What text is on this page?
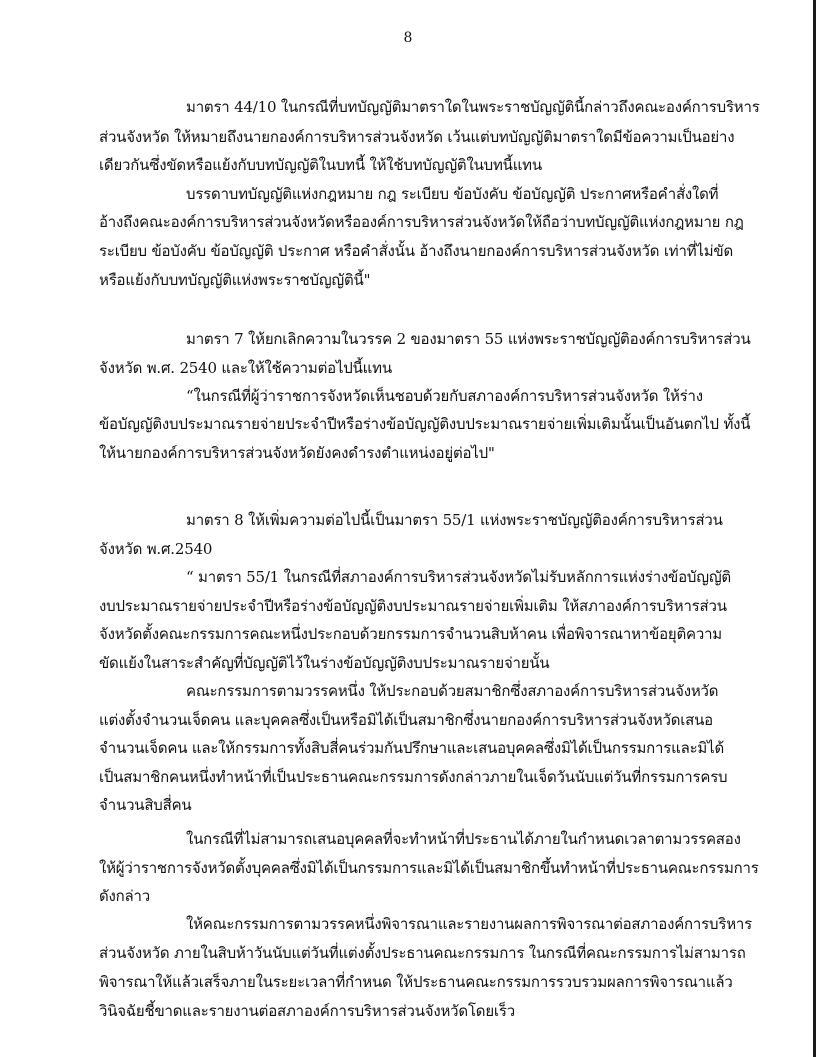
8
มาตรา 44/10 ในกรณีที่บทบัญญัติมาตราใดในพระราชบัญญัตินี้กล่าวถึงคณะองค์การบริหาร
ส่วนจังหวัด ให้หมายถึงนายกองค์การบริหารส่วนจังหวัด เว้นแต่บทบัญญัติมาตราใดมีข้อความเป็นอย่าง
เดียวกันซึ่งขัดหรือแย้งกับบทบัญญัติในบทนี้ ให้ใช้บทบัญญัติในบทนี้แทน
บรรดาบทบัญญัติแห่งกฎหมาย กฎ ระเบียบ ข้อบังคับ ข้อบัญญัติ ประกาศหรือคำสั่งใดที่
อ้างถึงคณะองค์การบริหารส่วนจังหวัดหรือองค์การบริหารส่วนจังหวัดให้ถือว่าบทบัญญัติแห่งกฎหมาย กฎ
ระเบียบ ข้อบังคับ ข้อบัญญัติ ประกาศ หรือคำสั่งนั้น อ้างถึงนายกองค์การบริหารส่วนจังหวัด เท่าที่ไม่ขัด
หรือแย้งกับบทบัญญัติแห่งพระราชบัญญัตินี้"
มาตรา 7 ให้ยกเลิกความในวรรค 2 ของมาตรา 55 แห่งพระราชบัญญัติองค์การบริหารส่วน
จังหวัด พ.ศ. 2540 และให้ใช้ความต่อไปนี้แทน
“ในกรณีที่ผู้ว่าราชการจังหวัดเห็นชอบด้วยกับสภาองค์การบริหารส่วนจังหวัด ให้ร่าง
ข้อบัญญัติงบประมาณรายจ่ายประจำปีหรือร่างข้อบัญญัติงบประมาณรายจ่ายเพิ่มเติมนั้นเป็นอันตกไป ทั้งนี้
ให้นายกองค์การบริหารส่วนจังหวัดยังคงดำรงตำแหน่งอยู่ต่อไป"
มาตรา 8 ให้เพิ่มความต่อไปนี้เป็นมาตรา 55/1 แห่งพระราชบัญญัติองค์การบริหารส่วน
จังหวัด พ.ศ.2540
“ มาตรา 55/1 ในกรณีที่สภาองค์การบริหารส่วนจังหวัดไม่รับหลักการแห่งร่างข้อบัญญัติ
งบประมาณรายจ่ายประจำปีหรือร่างข้อบัญญัติงบประมาณรายจ่ายเพิ่มเติม ให้สภาองค์การบริหารส่วน
จังหวัดตั้งคณะกรรมการคณะหนึ่งประกอบด้วยกรรมการจำนวนสิบห้าคน เพื่อพิจารณาหาข้อยุติความ
ขัดแย้งในสาระสำคัญที่บัญญัติไว้ในร่างข้อบัญญัติงบประมาณรายจ่ายนั้น
คณะกรรมการตามวรรคหนึ่ง ให้ประกอบด้วยสมาชิกซึ่งสภาองค์การบริหารส่วนจังหวัด
แต่งตั้งจำนวนเจ็ดคน และบุคคลซึ่งเป็นหรือมิได้เป็นสมาชิกซึ่งนายกองค์การบริหารส่วนจังหวัดเสนอ
จำนวนเจ็ดคน และให้กรรมการทั้งสิบสี่คนร่วมกันปรึกษาและเสนอบุคคลซึ่งมิได้เป็นกรรมการและมิได้
เป็นสมาชิกคนหนึ่งทำหน้าที่เป็นประธานคณะกรรมการดังกล่าวภายในเจ็ดวันนับแต่วันที่กรรมการครบ
จำนวนสิบสี่คน
ในกรณีที่ไม่สามารถเสนอบุคคลที่จะทำหน้าที่ประธานได้ภายในกำหนดเวลาตามวรรคสอง
ให้ผู้ว่าราชการจังหวัดตั้งบุคคลซึ่งมิได้เป็นกรรมการและมิได้เป็นสมาชิกขึ้นทำหน้าที่ประธานคณะกรรมการ
ดังกล่าว
ให้คณะกรรมการตามวรรคหนึ่งพิจารณาและรายงานผลการพิจารณาต่อสภาองค์การบริหาร
ส่วนจังหวัด ภายในสิบห้าวันนับแต่วันที่แต่งตั้งประธานคณะกรรมการ ในกรณีที่คณะกรรมการไม่สามารถ
พิจารณาให้แล้วเสร็จภายในระยะเวลาที่กำหนด ให้ประธานคณะกรรมการรวบรวมผลการพิจารณาแล้ว
วินิจฉัยชี้ขาดและรายงานต่อสภาองค์การบริหารส่วนจังหวัดโดยเร็ว
